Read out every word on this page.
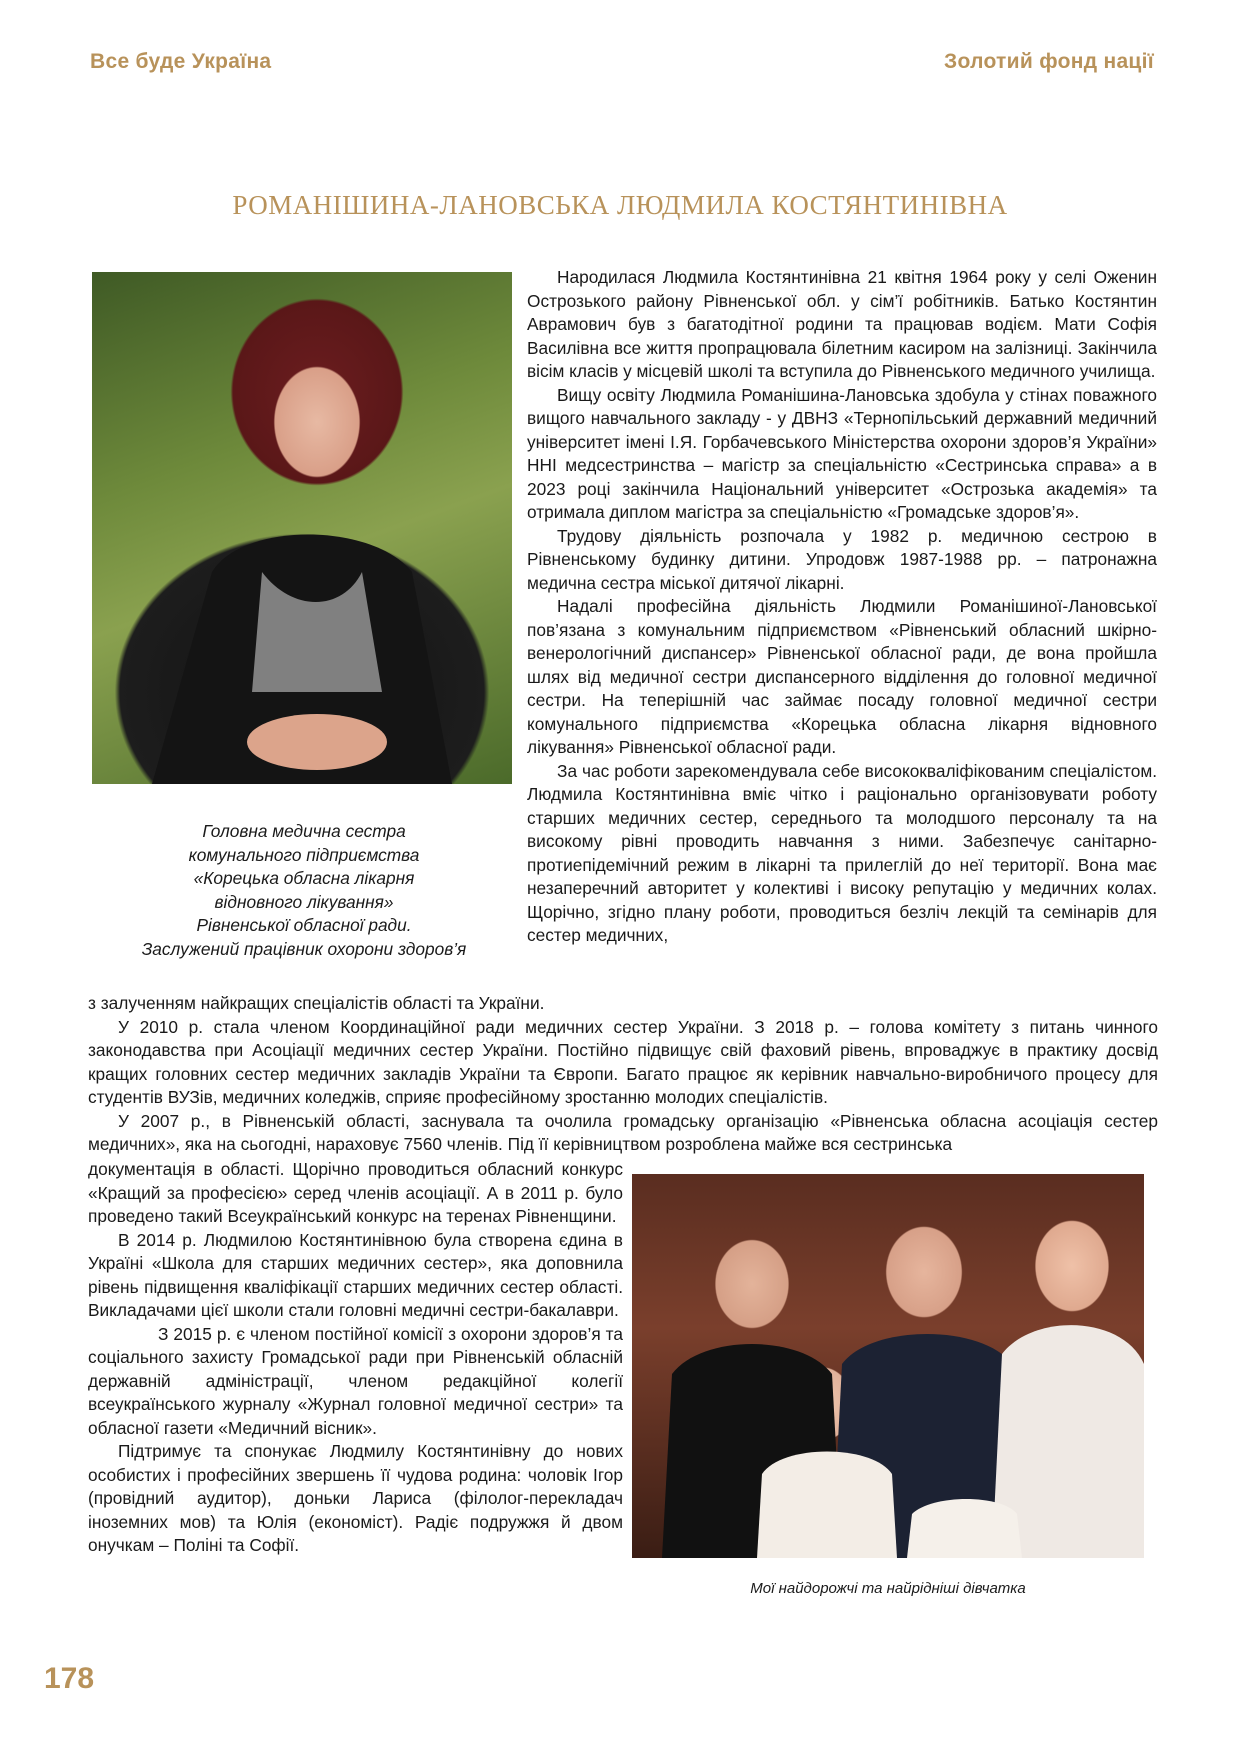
Все буде Україна	Золотий фонд нації
РОМАНІШИНА-ЛАНОВСЬКА ЛЮДМИЛА КОСТЯНТИНІВНА
Головна медична сестра
комунального підприємства
«Корецька обласна лікарня
відновного лікування»
Рівненської обласної ради.
Заслужений працівник охорони здоров’я

Народилася Людмила Костянтинівна 21 квітня 1964 року у селі Оженин Острозького району Рівненської обл. у сім’ї робітників. Батько Костянтин Аврамович був з багатодітної родини та працював водієм. Мати Софія Василівна все життя пропрацювала білетним касиром на залізниці. Закінчила вісім класів у місцевій школі та вступила до Рівненського медичного училища.

Вищу освіту Людмила Романішина-Лановська здобула у стінах поважного вищого навчального закладу - у ДВНЗ «Тернопільський державний медичний університет імені І.Я. Горбачевського Міністерства охорони здоров’я України» ННІ медсестринства – магістр за спеціальністю «Сестринська справа» а в 2023 році закінчила Національний університет «Острозька академія» та отримала диплом магістра за спеціальністю «Громадське здоров’я».

Трудову діяльність розпочала у 1982 р. медичною сестрою в Рівненському будинку дитини. Упродовж 1987-1988 рр. – патронажна медична сестра міської дитячої лікарні.

Надалі професійна діяльність Людмили Романішиної-Лановської пов’язана з комунальним підприємством «Рівненський обласний шкірно-венерологічний диспансер» Рівненської обласної ради, де вона пройшла шлях від медичної сестри диспансерного відділення до головної медичної сестри. На теперішній час займає посаду головної медичної сестри комунального підприємства «Корецька обласна лікарня відновного лікування» Рівненської обласної ради.

За час роботи зарекомендувала себе висококваліфікованим спеціалістом. Людмила Костянтинівна вміє чітко і раціонально організовувати роботу старших медичних сестер, середнього та молодшого персоналу та на високому рівні проводить навчання з ними. Забезпечує санітарно-протиепідемічний режим в лікарні та прилеглій до неї території. Вона має незаперечний авторитет у колективі і високу репутацію у медичних колах. Щорічно, згідно плану роботи, проводиться безліч лекцій та семінарів для сестер медичних,

з залученням найкращих спеціалістів області та України.

У 2010 р. стала членом Координаційної ради медичних сестер України. З 2018 р. – голова комітету з питань чинного законодавства при Асоціації медичних сестер України. Постійно підвищує свій фаховий рівень, впроваджує в практику досвід кращих головних сестер медичних закладів України та Європи. Багато працює як керівник навчально-виробничого процесу для студентів ВУЗів, медичних коледжів, сприяє професійному зростанню молодих спеціалістів.

У 2007 р., в Рівненській області, заснувала та очолила громадську організацію «Рівненська обласна асоціація сестер медичних», яка на сьогодні, нараховує 7560 членів. Під її керівництвом розроблена майже вся сестринська

документація в області. Щорічно проводиться обласний конкурс «Кращий за професією» серед членів асоціації. А в 2011 р. було проведено такий Всеукраїнський конкурс на теренах Рівненщини.

В 2014 р. Людмилою Костянтинівною була створена єдина в Україні «Школа для старших медичних сестер», яка доповнила рівень підвищення кваліфікації старших медичних сестер області. Викладачами цієї школи стали головні медичні сестри-бакалаври.

З 2015 р. є членом постійної комісії з охорони здоров’я та соціального захисту Громадської ради при Рівненській обласній державній адміністрації, членом редакційної колегії всеукраїнського журналу «Журнал головної медичної сестри» та обласної газети «Медичний вісник».

Підтримує та спонукає Людмилу Костянтинівну до нових особистих і професійних звершень її чудова родина: чоловік Ігор (провідний аудитор), доньки Лариса (філолог-перекладач іноземних мов) та Юлія (економіст). Радіє подружжя й двом онучкам – Поліні та Софії.

Мої найдорожчі та найрідніші дівчатка
178
